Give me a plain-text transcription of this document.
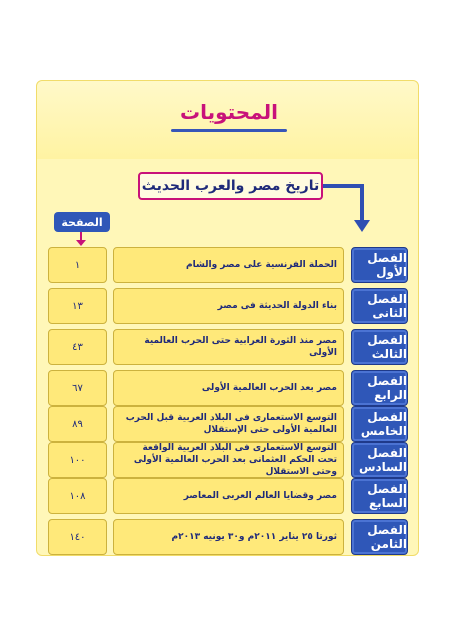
المحتويات
تاريخ مصر والعرب الحديث
الصفحة
الفصل الأول
الحملة الفرنسية على مصر والشام
١
الفصل الثانى
بناء الدولة الحديثة فى مصر
١٣
الفصل الثالث
مصر منذ الثورة العرابية حتى الحرب العالمية الأولى
٤٣
الفصل الرابع
مصر بعد الحرب العالمية الأولى
٦٧
الفصل الخامس
التوسع الاستعمارى فى البلاد العربية قبل الحرب العالمية الأولى حتى الإستقلال
٨٩
الفصل السادس
التوسع الاستعمارى فى البلاد العربية الواقعة تحت الحكم العثمانى بعد الحرب العالمية الأولى وحتى الاستقلال
١٠٠
الفصل السابع
مصر وقضايا العالم العربى المعاصر
١٠٨
الفصل الثامن
ثورتا ٢٥ يناير ٢٠١١م و٣٠ يونيه ٢٠١٣م
١٤٠
